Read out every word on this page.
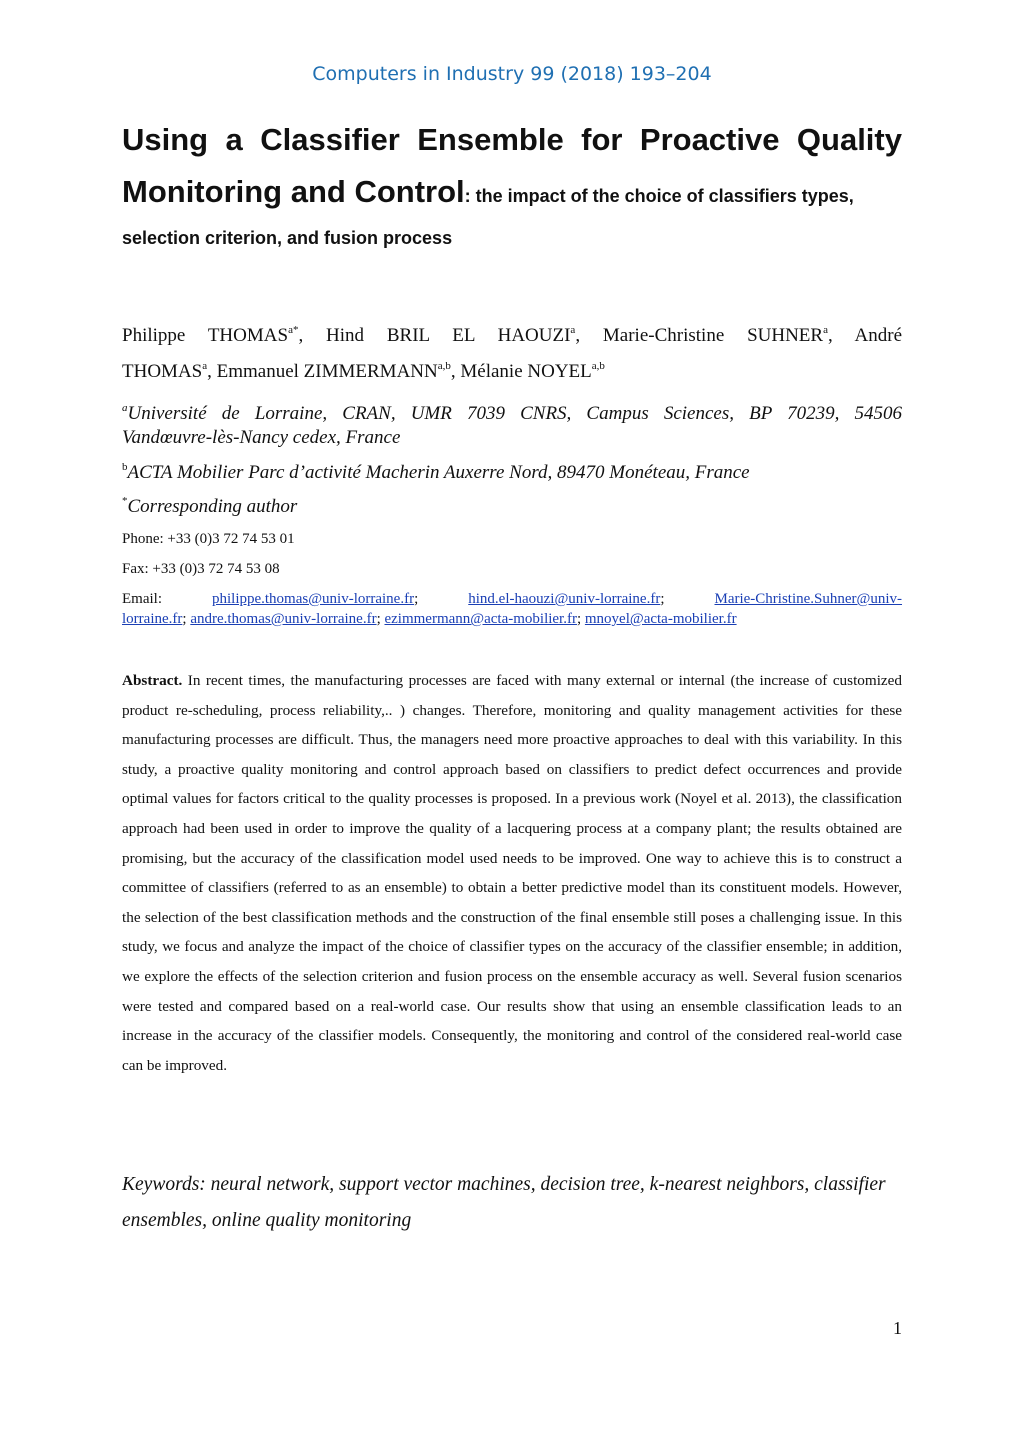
Computers in Industry 99 (2018) 193–204
Using a Classifier Ensemble for Proactive Quality
Monitoring and Control: the impact of the choice of classifiers types,
selection criterion, and fusion process
Philippe $THOMAS^{a*}$, Hind BRIL EL HAOUZI$^a$, Marie-Christine SUHNER$^a$, André
THOMAS$^a$, Emmanuel ZIMMERMANN$^{a,b}$, Mélanie NOYEL$^{a,b}$
$^a$Université de Lorraine, CRAN, UMR 7039 CNRS, Campus Sciences, BP 70239, 54506
Vandœuvre-lès-Nancy cedex, France
$^b$ACTA Mobilier Parc d’activité Macherin Auxerre Nord, 89470 Monéteau, France
*Corresponding author
Phone: +33 (0)3 72 74 53 01
Fax: +33 (0)3 72 74 53 08
Email:	philippe.thomas@univ-lorraine.fr; hind.el-haouzi@univ-lorraine.fr; Marie-Christine.Suhner@univ-
lorraine.fr; andre.thomas@univ-lorraine.fr; ezimmermann@acta-mobilier.fr; mnoyel@acta-mobilier.fr
Abstract. In recent times, the manufacturing processes are faced with many external or internal (the increase of customized product re-scheduling, process reliability,.. ) changes. Therefore, monitoring and quality management activities for these manufacturing processes are difficult. Thus, the managers need more proactive approaches to deal with this variability. In this study, a proactive quality monitoring and control approach based on classifiers to predict defect occurrences and provide optimal values for factors critical to the quality processes is proposed. In a previous work (Noyel et al. 2013), the classification approach had been used in order to improve the quality of a lacquering process at a company plant; the results obtained are promising, but the accuracy of the classification model used needs to be improved. One way to achieve this is to construct a committee of classifiers (referred to as an ensemble) to obtain a better predictive model than its constituent models. However, the selection of the best classification methods and the construction of the final ensemble still poses a challenging issue. In this study, we focus and analyze the impact of the choice of classifier types on the accuracy of the classifier ensemble; in addition, we explore the effects of the selection criterion and fusion process on the ensemble accuracy as well. Several fusion scenarios were tested and compared based on a real-world case. Our results show that using an ensemble classification leads to an increase in the accuracy of the classifier models. Consequently, the monitoring and control of the considered real-world case can be improved.
Keywords: neural network, support vector machines, decision tree, k-nearest neighbors, classifier ensembles, online quality monitoring
1
